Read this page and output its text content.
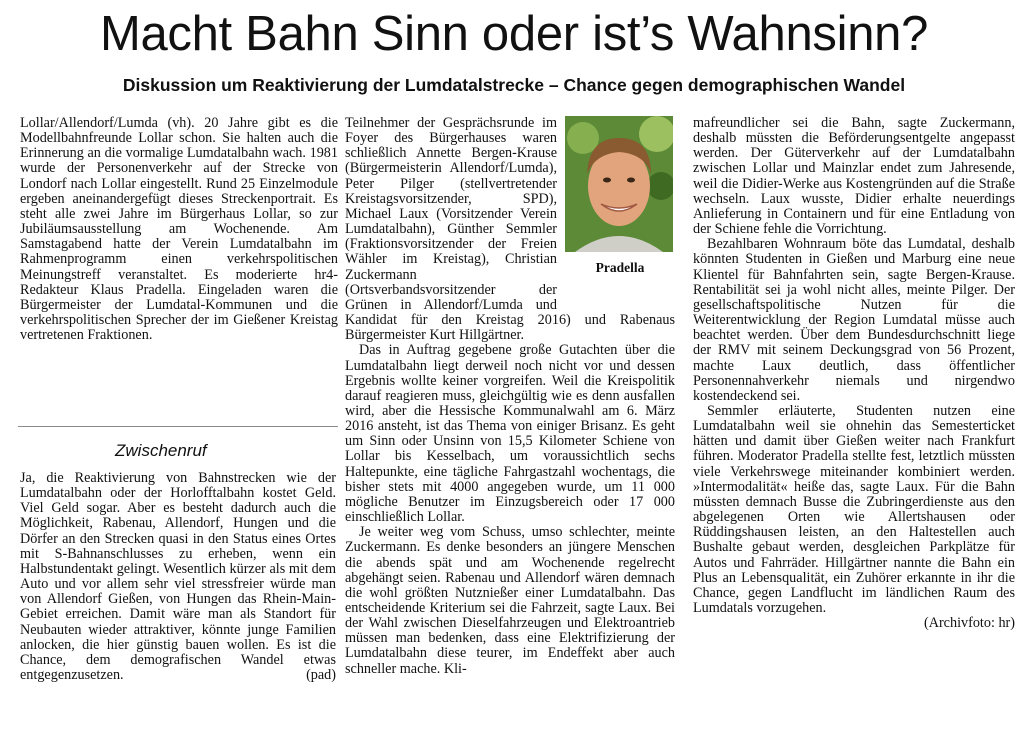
Macht Bahn Sinn oder ist’s Wahnsinn?
Diskussion um Reaktivierung der Lumdatalstrecke – Chance gegen demographischen Wandel

Lollar/Allendorf/Lumda (vh). 20 Jahre gibt es die Modellbahnfreunde Lollar schon. Sie halten auch die Erinnerung an die vormalige Lumdatalbahn wach. 1981 wurde der Personenverkehr auf der Strecke von Londorf nach Lollar eingestellt. Rund 25 Einzelmodule ergeben aneinandergefügt dieses Streckenportrait. Es steht alle zwei Jahre im Bürgerhaus Lollar, so zur Jubiläumsausstellung am Wochenende. Am Samstagabend hatte der Verein Lumdatalbahn im Rahmenprogramm einen verkehrspolitischen Meinungstreff veranstaltet. Es moderierte hr4-Redakteur Klaus Pradella. Eingeladen waren die Bürgermeister der Lumdatal-Kommunen und die verkehrspolitischen Sprecher der im Gießener Kreistag vertretenen Fraktionen.

Zwischenruf
Ja, die Reaktivierung von Bahnstrecken wie der Lumdatalbahn oder der Horlofftalbahn kostet Geld. Viel Geld sogar. Aber es besteht dadurch auch die Möglichkeit, Rabenau, Allendorf, Hungen und die Dörfer an den Strecken quasi in den Status eines Ortes mit S-Bahnanschlusses zu erheben, wenn ein Halbstundentakt gelingt. Wesentlich kürzer als mit dem Auto und vor allem sehr viel stressfreier würde man von Allendorf Gießen, von Hungen das Rhein-Main-Gebiet erreichen. Damit wäre man als Standort für Neubauten wieder attraktiver, könnte junge Familien anlocken, die hier günstig bauen wollen. Es ist die Chance, dem demografischen Wandel etwas entgegenzusetzen.	(pad)
Pradella

Teilnehmer der Gesprächsrunde im Foyer des Bürgerhauses waren schließlich Annette Bergen-Krause (Bürgermeisterin Allendorf/Lumda), Peter Pilger (stellvertretender Kreistagsvorsitzender, SPD), Michael Laux (Vorsitzender Verein Lumdatalbahn), Günther Semmler (Fraktionsvorsitzender der Freien Wähler im Kreistag), Christian Zuckermann (Ortsverbandsvorsitzender der Grünen in Allendorf/Lumda und Kandidat für den Kreistag 2016) und Rabenaus Bürgermeister Kurt Hillgärtner.

Das in Auftrag gegebene große Gutachten über die Lumdatalbahn liegt derweil noch nicht vor und dessen Ergebnis wollte keiner vorgreifen. Weil die Kreispolitik darauf reagieren muss, gleichgültig wie es denn ausfallen wird, aber die Hessische Kommunalwahl am 6. März 2016 ansteht, ist das Thema von einiger Brisanz. Es geht um Sinn oder Unsinn von 15,5 Kilometer Schiene von Lollar bis Kesselbach, um voraussichtlich sechs Haltepunkte, eine tägliche Fahrgastzahl wochentags, die bisher stets mit 4000 angegeben wurde, um 11 000 mögliche Benutzer im Einzugsbereich oder 17 000 einschließlich Lollar.

Je weiter weg vom Schuss, umso schlechter, meinte Zuckermann. Es denke besonders an jüngere Menschen die abends spät und am Wochenende regelrecht abgehängt seien. Rabenau und Allendorf wären demnach die wohl größten Nutznießer einer Lumdatalbahn. Das entscheidende Kriterium sei die Fahrzeit, sagte Laux. Bei der Wahl zwischen Dieselfahrzeugen und Elektroantrieb müssen man bedenken, dass eine Elektrifizierung der Lumdatalbahn diese teurer, im Endeffekt aber auch schneller mache. Kli-

mafreundlicher sei die Bahn, sagte Zuckermann, deshalb müssten die Beförderungsentgelte angepasst werden. Der Güterverkehr auf der Lumdatalbahn zwischen Lollar und Mainzlar endet zum Jahresende, weil die Didier-Werke aus Kostengründen auf die Straße wechseln. Laux wusste, Didier erhalte neuerdings Anlieferung in Containern und für eine Entladung von der Schiene fehle die Vorrichtung.

Bezahlbaren Wohnraum böte das Lumdatal, deshalb könnten Studenten in Gießen und Marburg eine neue Klientel für Bahnfahrten sein, sagte Bergen-Krause. Rentabilität sei ja wohl nicht alles, meinte Pilger. Der gesellschaftspolitische Nutzen für die Weiterentwicklung der Region Lumdatal müsse auch beachtet werden. Über dem Bundesdurchschnitt liege der RMV mit seinem Deckungsgrad von 56 Prozent, machte Laux deutlich, dass öffentlicher Personennahverkehr niemals und nirgendwo kostendeckend sei.

Semmler erläuterte, Studenten nutzen eine Lumdatalbahn weil sie ohnehin das Semesterticket hätten und damit über Gießen weiter nach Frankfurt führen. Moderator Pradella stellte fest, letztlich müssten viele Verkehrswege miteinander kombiniert werden. »Intermodalität« heiße das, sagte Laux. Für die Bahn müssten demnach Busse die Zubringerdienste aus den abgelegenen Orten wie Allertshausen oder Rüddingshausen leisten, an den Haltestellen auch Bushalte gebaut werden, desgleichen Parkplätze für Autos und Fahrräder. Hillgärtner nannte die Bahn ein Plus an Lebensqualität, ein Zuhörer erkannte in ihr die Chance, gegen Landflucht im ländlichen Raum des Lumdatals vorzugehen.

(Archivfoto: hr)
